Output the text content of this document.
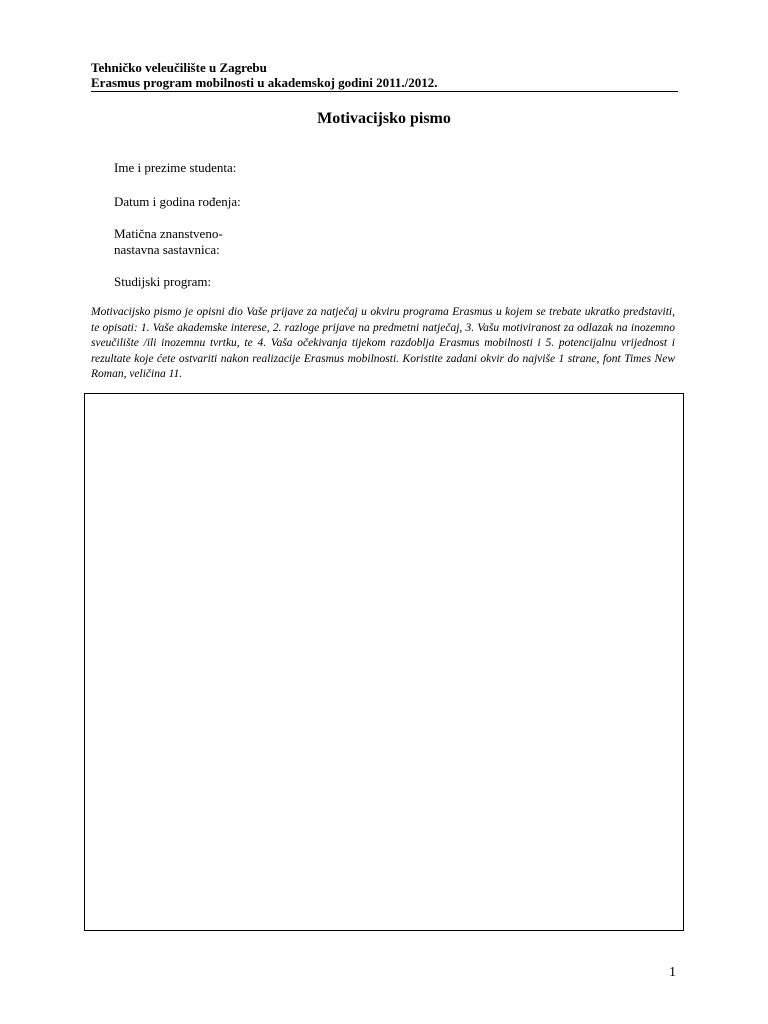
Tehničko veleučilište u Zagrebu
Erasmus program mobilnosti u akademskoj godini 2011./2012.
Motivacijsko pismo
Ime i prezime studenta:
Datum i godina rođenja:
Matična znanstveno-nastavna sastavnica:
Studijski program:
Motivacijsko pismo je opisni dio Vaše prijave za natječaj u okviru programa Erasmus u kojem se trebate ukratko predstaviti, te opisati: 1. Vaše akademske interese, 2. razloge prijave na predmetni natječaj, 3. Vašu motiviranost za odlazak na inozemno sveučilište /ili inozemnu tvrtku, te 4. Vaša očekivanja tijekom razdoblja Erasmus mobilnosti i 5. potencijalnu vrijednost i rezultate koje ćete ostvariti nakon realizacije Erasmus mobilnosti. Koristite zadani okvir do najviše 1 strane, font Times New Roman, veličina 11.
1
